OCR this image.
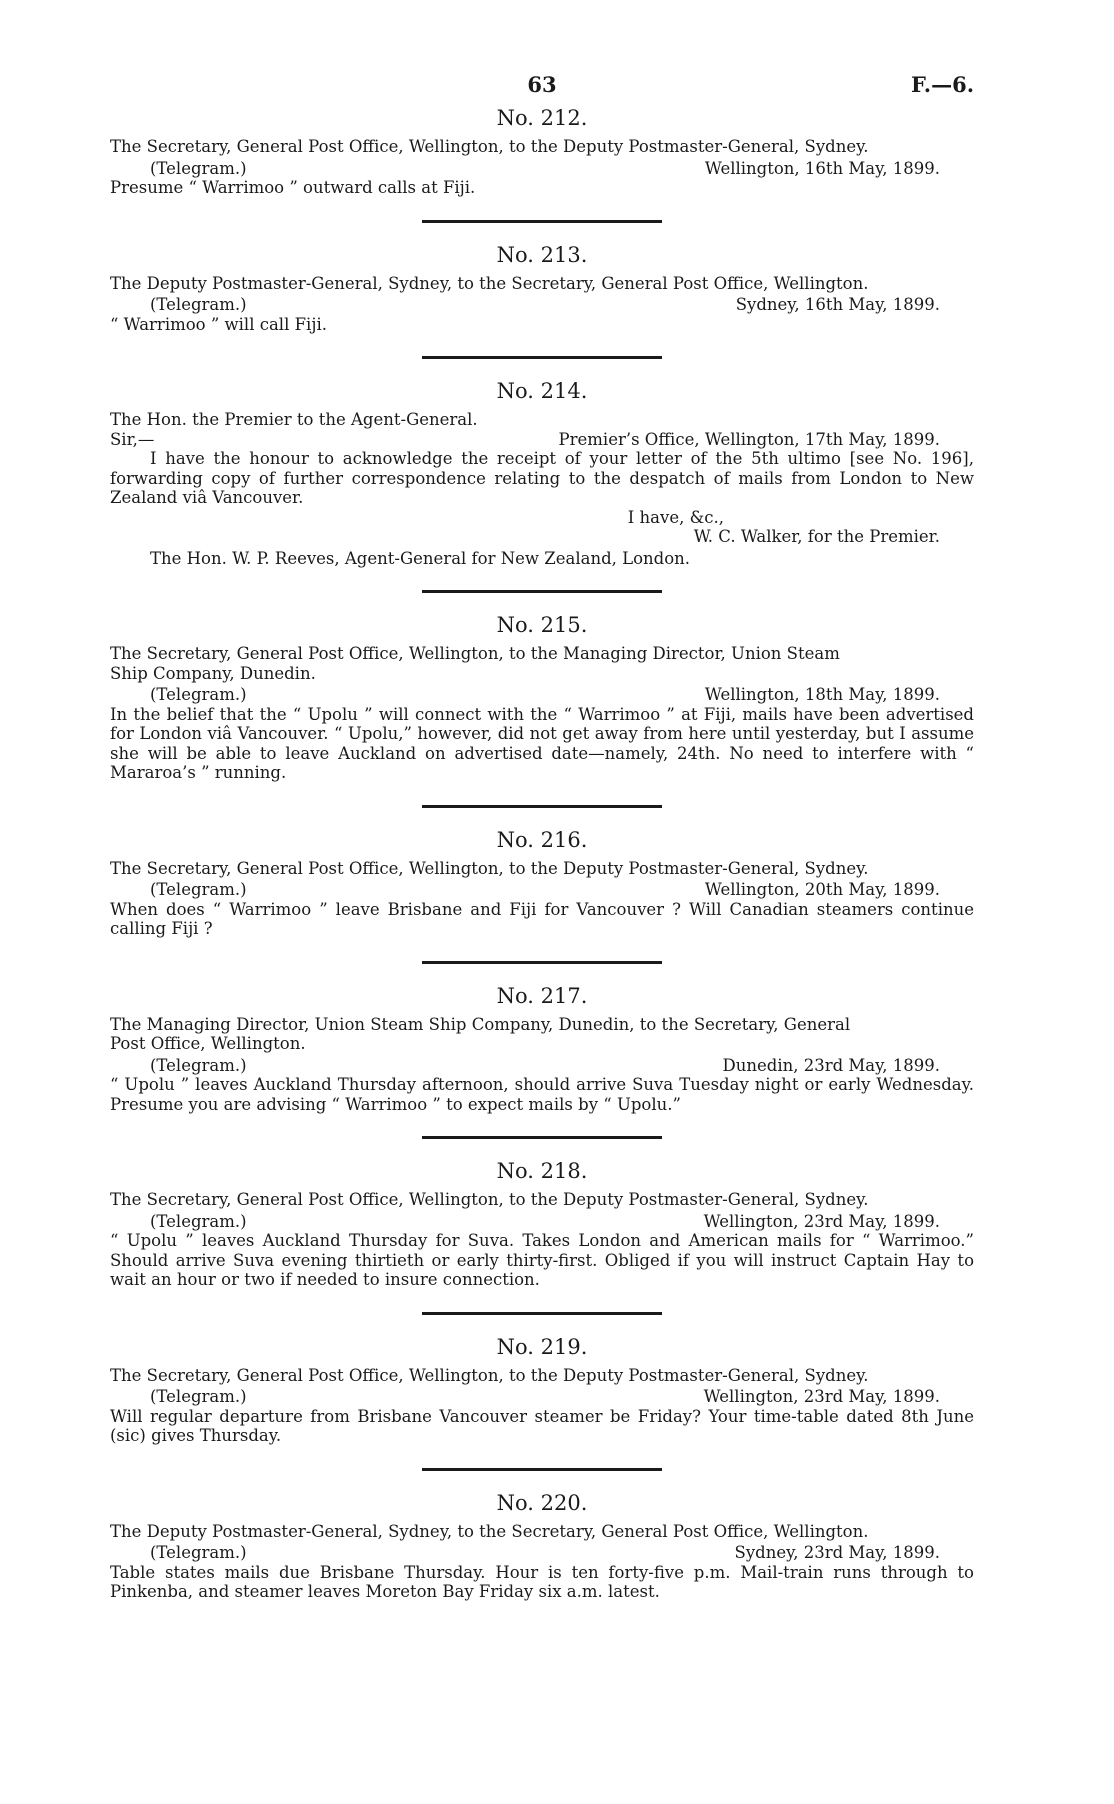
63	F.—6.
No. 212.
The Secretary, General Post Office, Wellington, to the Deputy Postmaster-General, Sydney.
(Telegram.)	Wellington, 16th May, 1899.
Presume “ Warrimoo ” outward calls at Fiji.
No. 213.
The Deputy Postmaster-General, Sydney, to the Secretary, General Post Office, Wellington.
(Telegram.)	Sydney, 16th May, 1899.
“ Warrimoo ” will call Fiji.
No. 214.
The Hon. the Premier to the Agent-General.
Sir,—	Premier’s Office, Wellington, 17th May, 1899.

I have the honour to acknowledge the receipt of your letter of the 5th ultimo [see No. 196], forwarding copy of further correspondence relating to the despatch of mails from London to New Zealand viâ Vancouver.

I have, &c.,
W. C. Walker, for the Premier.
The Hon. W. P. Reeves, Agent-General for New Zealand, London.
No. 215.
The Secretary, General Post Office, Wellington, to the Managing Director, Union Steam
Ship Company, Dunedin.
(Telegram.)	Wellington, 18th May, 1899.
In the belief that the “ Upolu ” will connect with the “ Warrimoo ” at Fiji, mails have been advertised for London viâ Vancouver. “ Upolu,” however, did not get away from here until yesterday, but I assume she will be able to leave Auckland on advertised date—namely, 24th. No need to interfere with “ Mararoa’s ” running.
No. 216.
The Secretary, General Post Office, Wellington, to the Deputy Postmaster-General, Sydney.
(Telegram.)	Wellington, 20th May, 1899.
When does “ Warrimoo ” leave Brisbane and Fiji for Vancouver ? Will Canadian steamers continue calling Fiji ?
No. 217.
The Managing Director, Union Steam Ship Company, Dunedin, to the Secretary, General
Post Office, Wellington.
(Telegram.)	Dunedin, 23rd May, 1899.
“ Upolu ” leaves Auckland Thursday afternoon, should arrive Suva Tuesday night or early Wednesday. Presume you are advising “ Warrimoo ” to expect mails by “ Upolu.”
No. 218.
The Secretary, General Post Office, Wellington, to the Deputy Postmaster-General, Sydney.
(Telegram.)	Wellington, 23rd May, 1899.
“ Upolu ” leaves Auckland Thursday for Suva. Takes London and American mails for “ Warrimoo.” Should arrive Suva evening thirtieth or early thirty-first. Obliged if you will instruct Captain Hay to wait an hour or two if needed to insure connection.
No. 219.
The Secretary, General Post Office, Wellington, to the Deputy Postmaster-General, Sydney.
(Telegram.)	Wellington, 23rd May, 1899.
Will regular departure from Brisbane Vancouver steamer be Friday? Your time-table dated 8th June (sic) gives Thursday.
No. 220.
The Deputy Postmaster-General, Sydney, to the Secretary, General Post Office, Wellington.
(Telegram.)	Sydney, 23rd May, 1899.
Table states mails due Brisbane Thursday. Hour is ten forty-five p.m. Mail-train runs through to Pinkenba, and steamer leaves Moreton Bay Friday six a.m. latest.
